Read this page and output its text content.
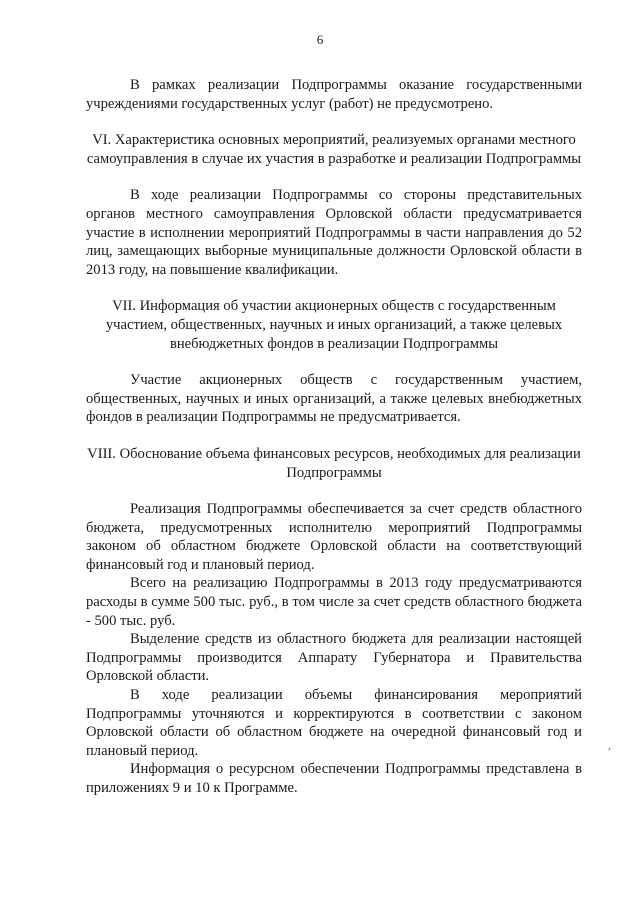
6

В рамках реализации Подпрограммы оказание государственными учреждениями государственных услуг (работ) не предусмотрено.

VI. Характеристика основных мероприятий, реализуемых органами местного самоуправления в случае их участия в разработке и реализации Подпрограммы

В ходе реализации Подпрограммы со стороны представительных органов местного самоуправления Орловской области предусматривается участие в исполнении мероприятий Подпрограммы в части направления до 52 лиц, замещающих выборные муниципальные должности Орловской области в 2013 году, на повышение квалификации.

VII. Информация об участии акционерных обществ с государственным участием, общественных, научных и иных организаций, а также целевых внебюджетных фондов в реализации Подпрограммы

Участие акционерных обществ с государственным участием, общественных, научных и иных организаций, а также целевых внебюджетных фондов в реализации Подпрограммы не предусматривается.

VIII. Обоснование объема финансовых ресурсов, необходимых для реализации Подпрограммы

Реализация Подпрограммы обеспечивается за счет средств областного бюджета, предусмотренных исполнителю мероприятий Подпрограммы законом об областном бюджете Орловской области на соответствующий финансовый год и плановый период.

Всего на реализацию Подпрограммы в 2013 году предусматриваются расходы в сумме 500 тыс. руб., в том числе за счет средств областного бюджета - 500 тыс. руб.

Выделение средств из областного бюджета для реализации настоящей Подпрограммы производится Аппарату Губернатора и Правительства Орловской области.

В ходе реализации объемы финансирования мероприятий Подпрограммы уточняются и корректируются в соответствии с законом Орловской области об областном бюджете на очередной финансовый год и плановый период.

Информация о ресурсном обеспечении Подпрограммы представлена в приложениях 9 и 10 к Программе.

,
